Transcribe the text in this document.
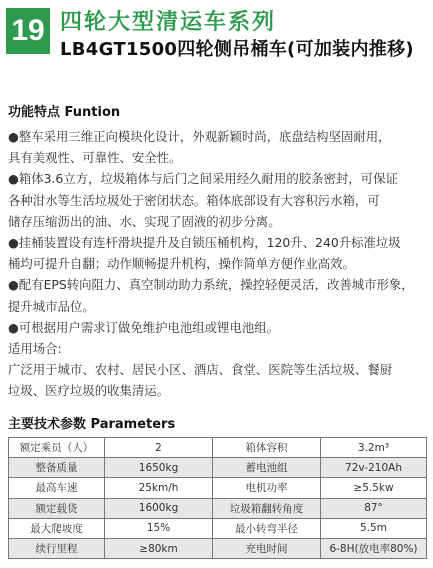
19 四轮大型清运车系列
LB4GT1500四轮侧吊桶车(可加装内推移)
功能特点 Funtion

●整车采用三维正向模块化设计，外观新颖时尚，底盘结构坚固耐用，

具有美观性、可靠性、安全性。

●箱体3.6立方，垃圾箱体与后门之间采用经久耐用的胶条密封，可保证

各种泔水等生活垃圾处于密闭状态。箱体底部设有大容积污水箱，可

储存压缩沥出的油、水、实现了固液的初步分离。

●挂桶装置设有连杆滑块提升及自锁压桶机构，120升、240升标准垃圾

桶均可提升自翻；动作顺畅提升机构，操作简单方便作业高效。

●配有EPS转向阻力、真空制动助力系统，操控轻便灵活，改善城市形象，

提升城市品位。

●可根据用户需求订做免维护电池组或锂电池组。

适用场合:

广泛用于城市、农村、居民小区、酒店、食堂、医院等生活垃圾、餐厨

垃圾、医疗垃圾的收集清运。

主要技术参数 Parameters
额定乘员（人）	2	箱体容积	3.2m³
整备质量	1650kg	蓄电池组	72v-210Ah
最高车速	25km/h	电机功率	≥5.5kw
额定载货	1600kg	垃圾箱翻转角度	87°
最大爬坡度	15%	最小转弯半径	5.5m
续行里程	≥80km	充电时间	6-8H(放电率80%)
